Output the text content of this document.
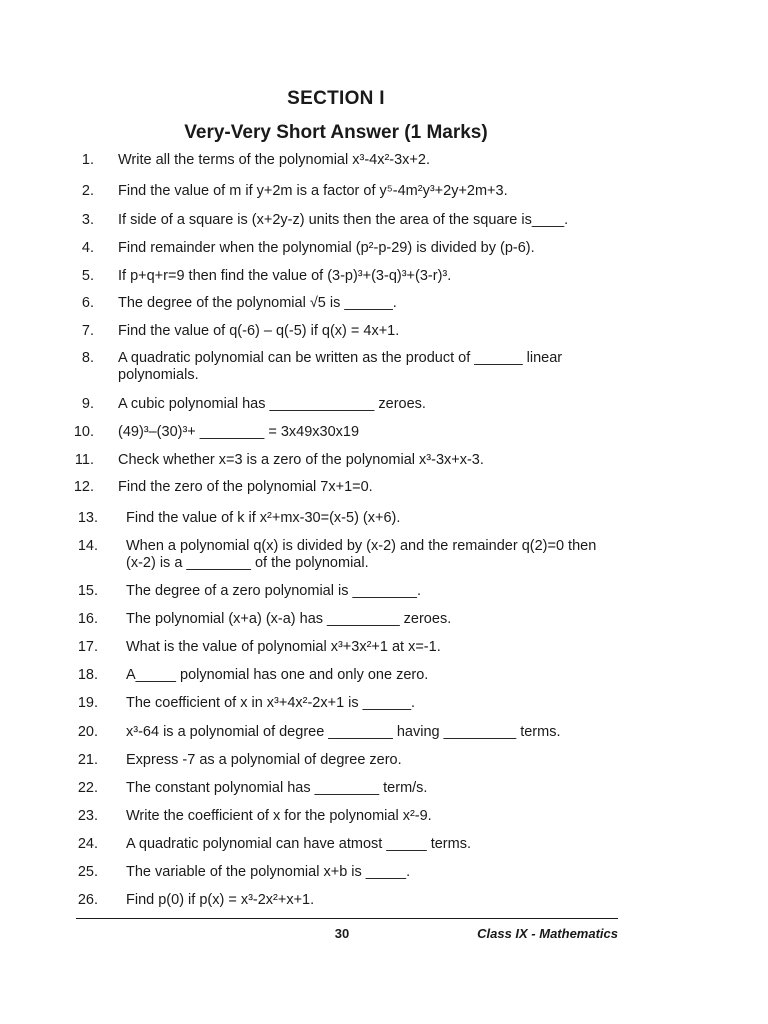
SECTION I
Very-Very Short Answer (1 Marks)
1.	Write all the terms of the polynomial x³-4x²-3x+2.
2.	Find the value of m if y+2m is a factor of y⁵-4m²y³+2y+2m+3.
3.	If side of a square is (x+2y-z) units then the area of the square is____.
4.	Find remainder when the polynomial (p²-p-29) is divided by (p-6).
5.	If p+q+r=9 then find the value of (3-p)³+(3-q)³+(3-r)³.
6.	The degree of the polynomial √5 is ______.
7.	Find the value of q(-6) – q(-5) if q(x) = 4x+1.
8.	A quadratic polynomial can be written as the product of ______ linear polynomials.
9.	A cubic polynomial has _____________ zeroes.
10.	(49)³–(30)³+ ________ = 3x49x30x19
11.	Check whether x=3 is a zero of the polynomial x³-3x+x-3.
12.	Find the zero of the polynomial 7x+1=0.
13.	Find the value of k if x²+mx-30=(x-5) (x+6).
14.	When a polynomial q(x) is divided by (x-2) and the remainder q(2)=0 then (x-2) is a ________ of the polynomial.
15.	The degree of a zero polynomial is ________.
16.	The polynomial (x+a) (x-a) has _________ zeroes.
17.	What is the value of polynomial x³+3x²+1 at x=-1.
18.	A_____ polynomial has one and only one zero.
19.	The coefficient of x in x³+4x²-2x+1 is ______.
20.	x³-64 is a polynomial of degree ________ having _________ terms.
21.	Express -7 as a polynomial of degree zero.
22.	The constant polynomial has ________ term/s.
23.	Write the coefficient of x for the polynomial x²-9.
24.	A quadratic polynomial can have atmost _____ terms.
25.	The variable of the polynomial x+b is _____.
26.	Find p(0) if p(x) = x³-2x²+x+1.
30	Class IX - Mathematics
